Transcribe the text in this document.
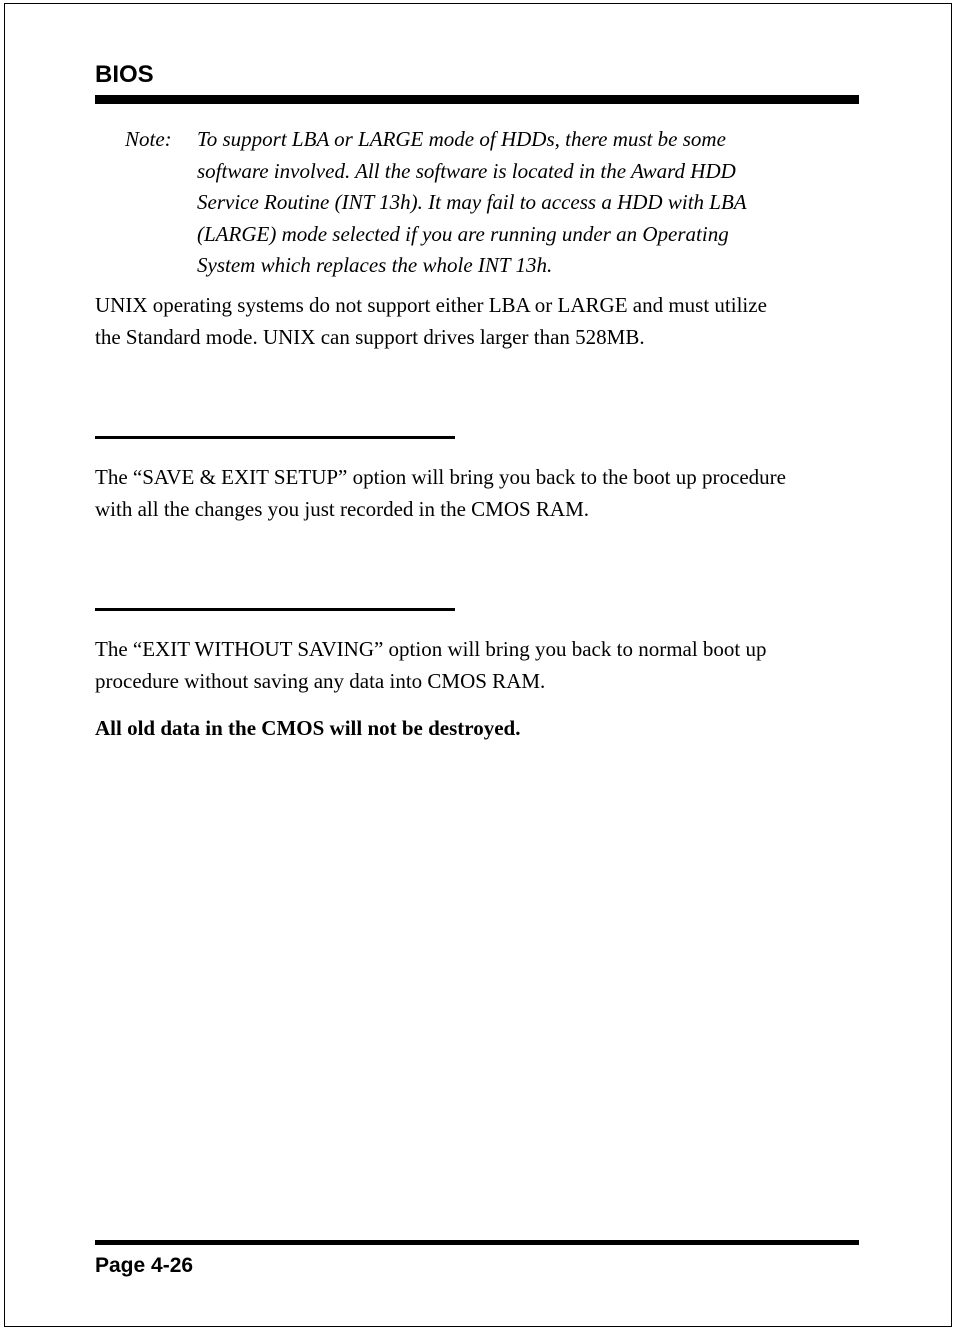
BIOS
Note: To support LBA or LARGE mode of HDDs, there must be some
software involved. All the software is located in the Award HDD
Service Routine (INT 13h). It may fail to access a HDD with LBA
(LARGE) mode selected if you are running under an Operating
System which replaces the whole INT 13h.
UNIX operating systems do not support either LBA or LARGE and must utilize
the Standard mode. UNIX can support drives larger than 528MB.
The “SAVE & EXIT SETUP” option will bring you back to the boot up procedure
with all the changes you just recorded in the CMOS RAM.
The “EXIT WITHOUT SAVING” option will bring you back to normal boot up
procedure without saving any data into CMOS RAM.
All old data in the CMOS will not be destroyed.
Page 4-26
